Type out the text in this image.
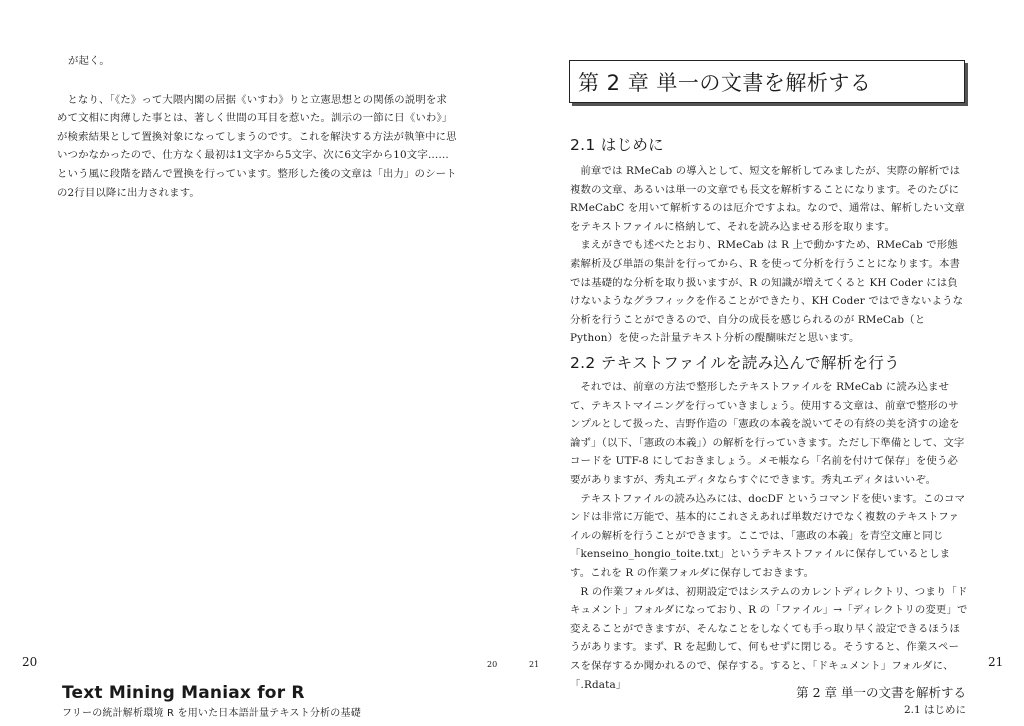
が起く。

となり、「《た》って大隈内閣の居据《いすわ》りと立憲思想との関係の説明を求めて文相に肉薄した事とは、著しく世間の耳目を惹いた。訓示の一節に日《いわ》」が検索結果として置換対象になってしまうのです。これを解決する方法が執筆中に思いつかなかったので、仕方なく最初は1文字から5文字、次に6文字から10文字……という風に段階を踏んで置換を行っています。整形した後の文章は「出力」のシートの2行目以降に出力されます。

20	20
Text Mining Maniax for R
フリーの統計解析環境 R を用いた日本語計量テキスト分析の基礎
第 2 章 単一の文書を解析する
2.1 はじめに

前章では RMeCab の導入として、短文を解析してみましたが、実際の解析では複数の文章、あるいは単一の文章でも長文を解析することになります。そのたびに RMeCabC を用いて解析するのは厄介ですよね。なので、通常は、解析したい文章をテキストファイルに格納して、それを読み込ませる形を取ります。

まえがきでも述べたとおり、RMeCab は R 上で動かすため、RMeCab で形態素解析及び単語の集計を行ってから、R を使って分析を行うことになります。本書では基礎的な分析を取り扱いますが、R の知識が増えてくると KH Coder には負けないようなグラフィックを作ることができたり、KH Coder ではできないような分析を行うことができるので、自分の成長を感じられるのが RMeCab（と Python）を使った計量テキスト分析の醍醐味だと思います。

2.2 テキストファイルを読み込んで解析を行う

それでは、前章の方法で整形したテキストファイルを RMeCab に読み込ませて、テキストマイニングを行っていきましょう。使用する文章は、前章で整形のサンプルとして扱った、吉野作造の「憲政の本義を説いてその有終の美を済すの途を論ず」（以下、「憲政の本義」）の解析を行っていきます。ただし下準備として、文字コードを UTF-8 にしておきましょう。メモ帳なら「名前を付けて保存」を使う必要がありますが、秀丸エディタならすぐにできます。秀丸エディタはいいぞ。

テキストファイルの読み込みには、docDF というコマンドを使います。このコマンドは非常に万能で、基本的にこれさえあれば単数だけでなく複数のテキストファイルの解析を行うことができます。ここでは、「憲政の本義」を青空文庫と同じ「kenseino_hongio_toite.txt」というテキストファイルに保存しているとします。これを R の作業フォルダに保存しておきます。

R の作業フォルダは、初期設定ではシステムのカレントディレクトリ、つまり「ドキュメント」フォルダになっており、R の「ファイル」→「ディレクトリの変更」で変えることができますが、そんなことをしなくても手っ取り早く設定できるほうほうがあります。まず、R を起動して、何もせずに閉じる。そうすると、作業スペースを保存するか聞かれるので、保存する。すると、「ドキュメント」フォルダに、「.Rdata」

21	21
第 2 章 単一の文書を解析する
2.1 はじめに
